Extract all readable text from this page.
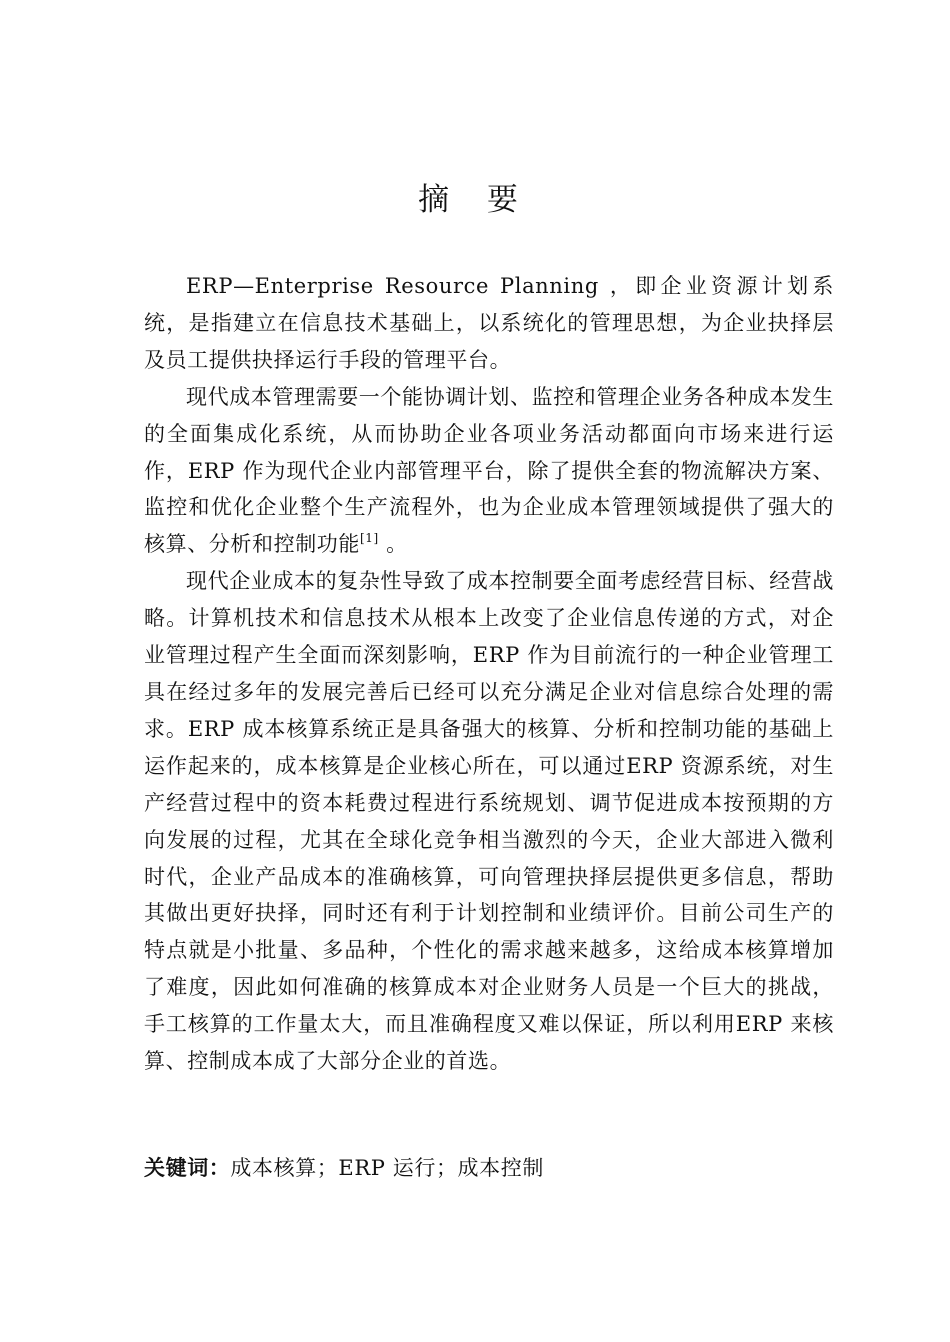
摘 要

ERP—Enterprise Resource Planning ，即企业资源计划系统，是指建立在信息技术基础上，以系统化的管理思想，为企业抉择层及员工提供抉择运行手段的管理平台。

现代成本管理需要一个能协调计划、监控和管理企业务各种成本发生的全面集成化系统，从而协助企业各项业务活动都面向市场来进行运作，ERP 作为现代企业内部管理平台，除了提供全套的物流解决方案、监控和优化企业整个生产流程外，也为企业成本管理领域提供了强大的核算、分析和控制功能[1] 。

现代企业成本的复杂性导致了成本控制要全面考虑经营目标、经营战略。计算机技术和信息技术从根本上改变了企业信息传递的方式，对企业管理过程产生全面而深刻影响，ERP 作为目前流行的一种企业管理工具在经过多年的发展完善后已经可以充分满足企业对信息综合处理的需求。ERP 成本核算系统正是具备强大的核算、分析和控制功能的基础上运作起来的，成本核算是企业核心所在，可以通过ERP 资源系统，对生产经营过程中的资本耗费过程进行系统规划、调节促进成本按预期的方向发展的过程，尤其在全球化竞争相当激烈的今天，企业大部进入微利时代，企业产品成本的准确核算，可向管理抉择层提供更多信息，帮助其做出更好抉择，同时还有利于计划控制和业绩评价。目前公司生产的特点就是小批量、多品种，个性化的需求越来越多，这给成本核算增加了难度，因此如何准确的核算成本对企业财务人员是一个巨大的挑战，手工核算的工作量太大，而且准确程度又难以保证，所以利用ERP 来核算、控制成本成了大部分企业的首选。

关键词：成本核算；ERP 运行；成本控制
